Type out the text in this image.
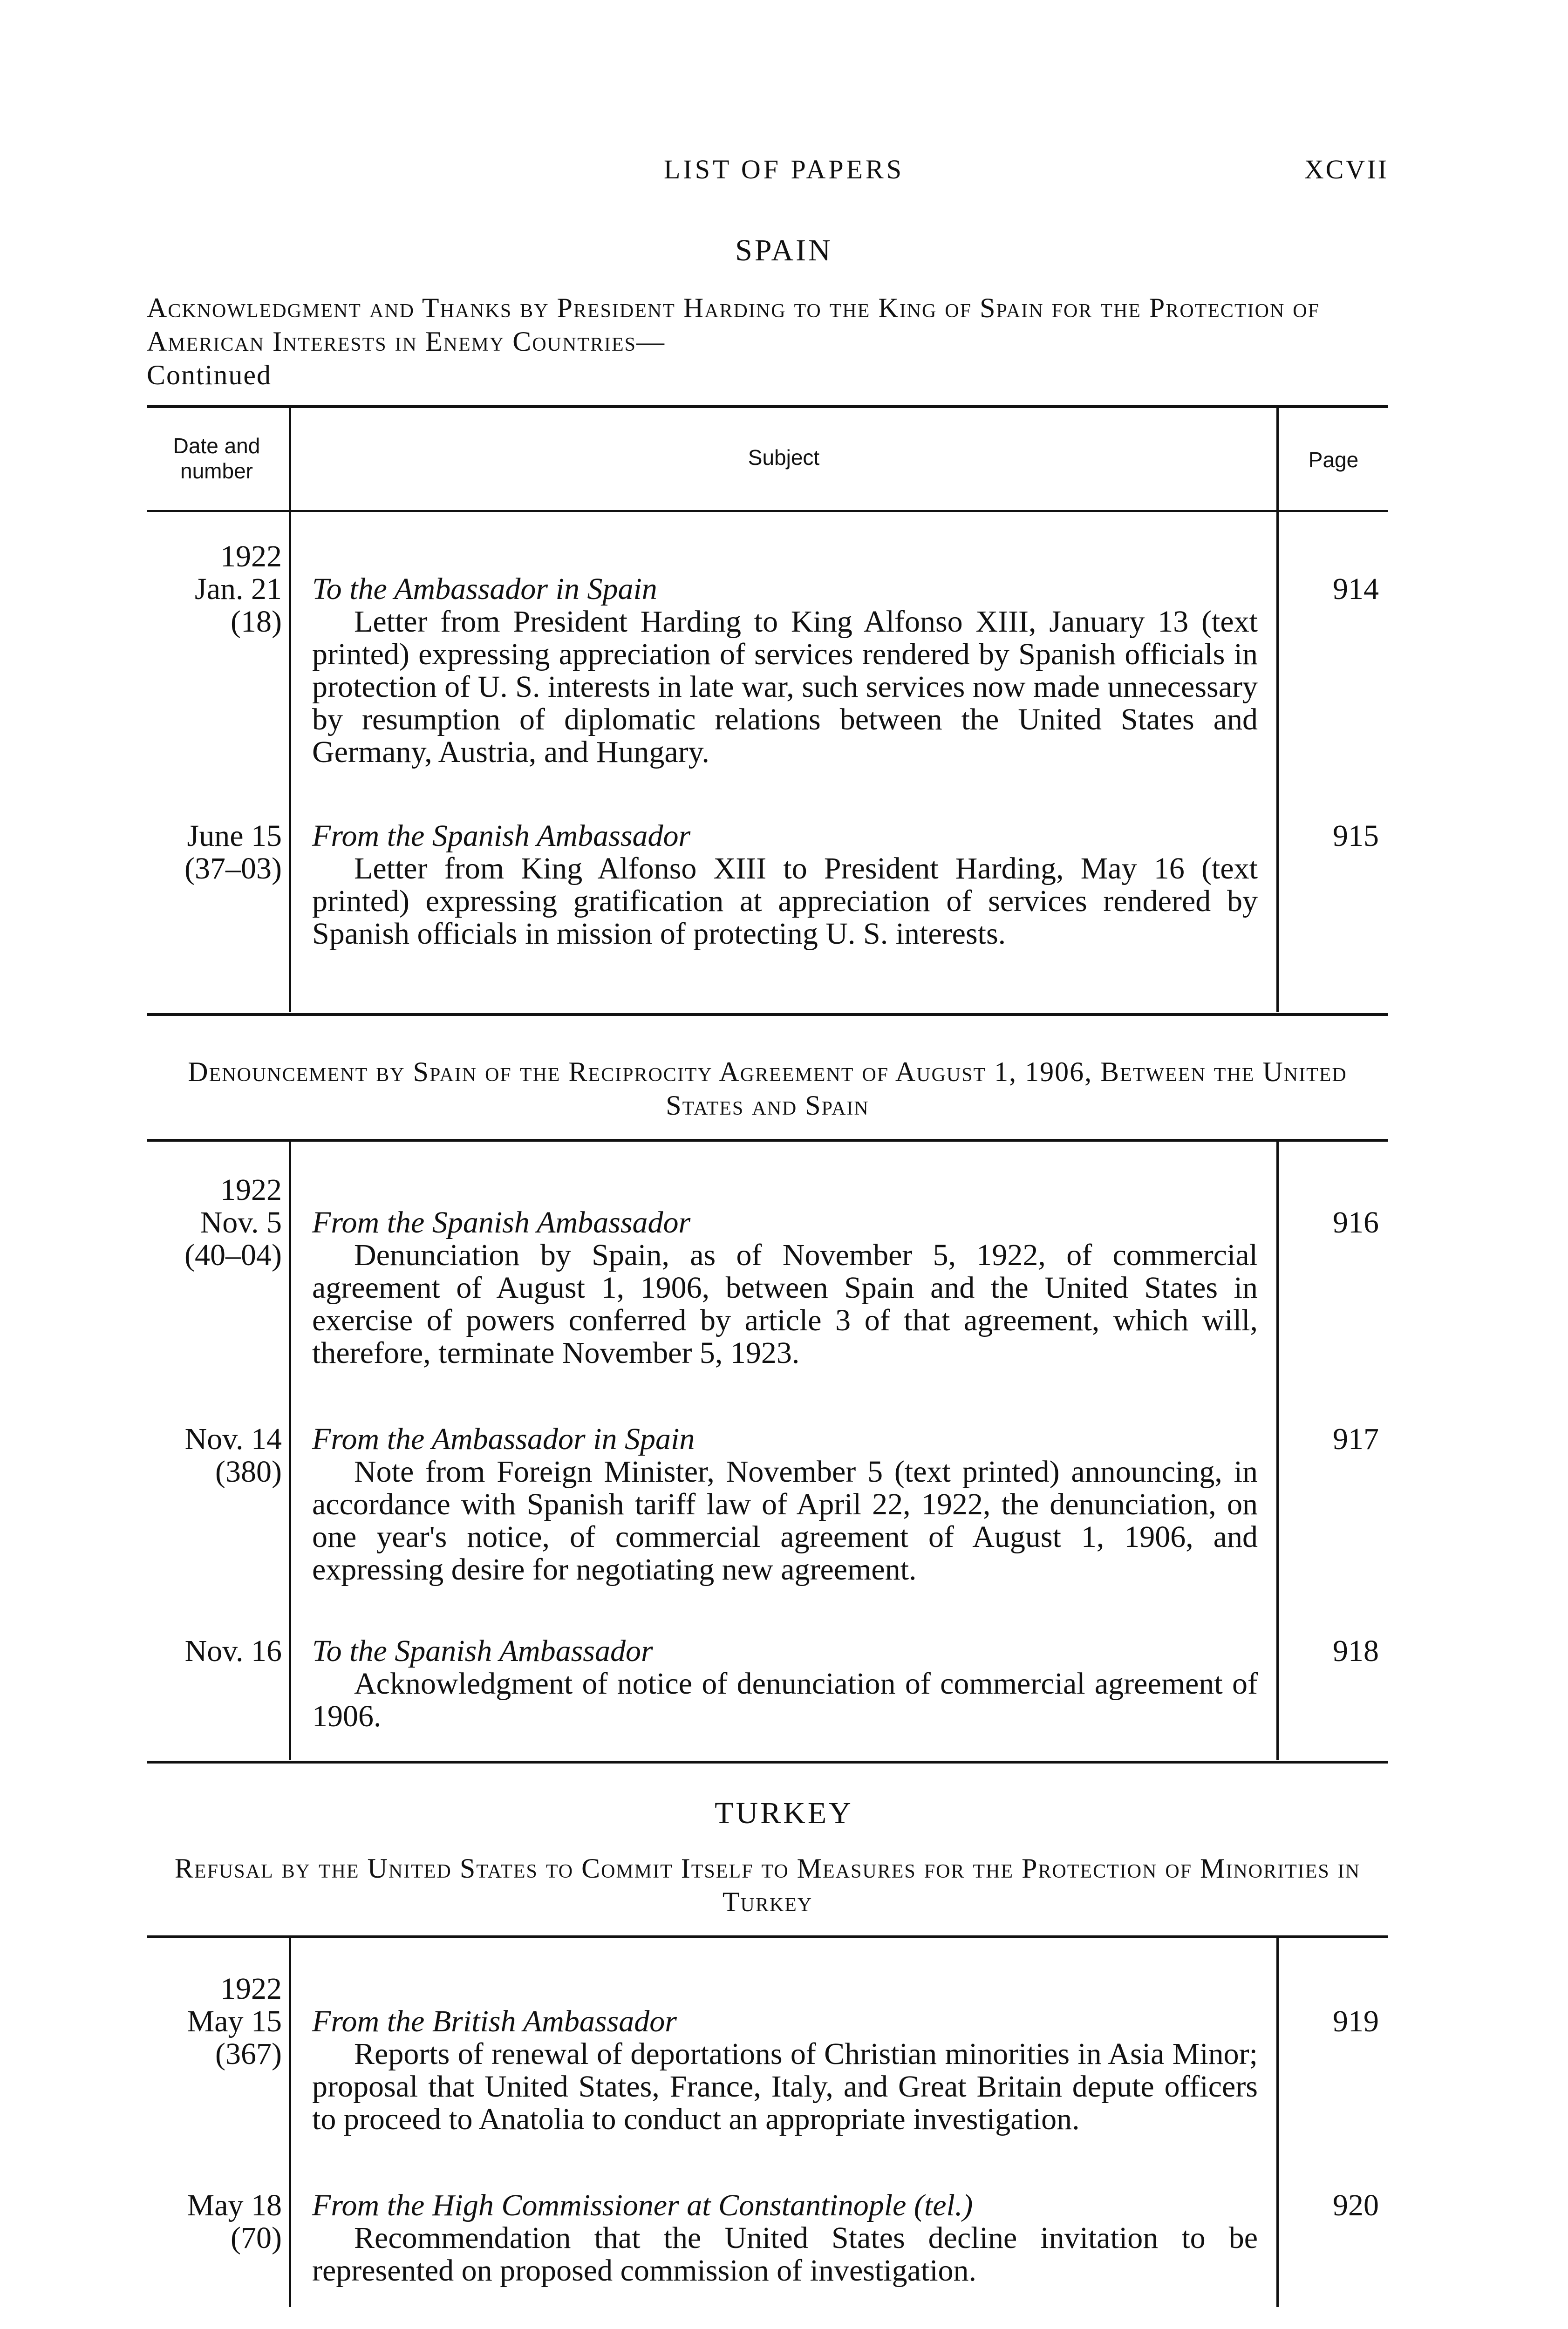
LIST OF PAPERS	XCVII
SPAIN
Acknowledgment and Thanks by President Harding to the King of Spain for the Protection of American Interests in Enemy Countries—
Continued
Date and
number
Subject	Page
1922
Jan. 21
(18)
To the Ambassador in Spain
Letter from President Harding to King Alfonso XIII, January 13 (text printed) expressing appreciation of services rendered by Spanish officials in protection of U. S. interests in late war, such services now made unnecessary by resumption of diplomatic relations between the United States and Germany, Austria, and Hungary.
914
June 15
(37–03)
From the Spanish Ambassador
Letter from King Alfonso XIII to President Harding, May 16 (text printed) expressing gratification at appreciation of services rendered by Spanish officials in mission of protecting U. S. interests.
915
Denouncement by Spain of the Reciprocity Agreement of August 1, 1906, Between the United States and Spain
1922
Nov. 5
(40–04)
From the Spanish Ambassador
Denunciation by Spain, as of November 5, 1922, of commercial agreement of August 1, 1906, between Spain and the United States in exercise of powers conferred by article 3 of that agreement, which will, therefore, terminate November 5, 1923.
916
Nov. 14
(380)
From the Ambassador in Spain
Note from Foreign Minister, November 5 (text printed) announcing, in accordance with Spanish tariff law of April 22, 1922, the denunciation, on one year's notice, of commercial agreement of August 1, 1906, and expressing desire for negotiating new agreement.
917
Nov. 16 To the Spanish Ambassador
Acknowledgment of notice of denunciation of commercial agreement of 1906.
918
TURKEY
Refusal by the United States to Commit Itself to Measures for the Protection of Minorities in Turkey
1922
May 15
(367)
From the British Ambassador
Reports of renewal of deportations of Christian minorities in Asia Minor; proposal that United States, France, Italy, and Great Britain depute officers to proceed to Anatolia to conduct an appropriate investigation.
919
May 18
(70)
From the High Commissioner at Constantinople (tel.)
Recommendation that the United States decline invitation to be represented on proposed commission of investigation.
920
